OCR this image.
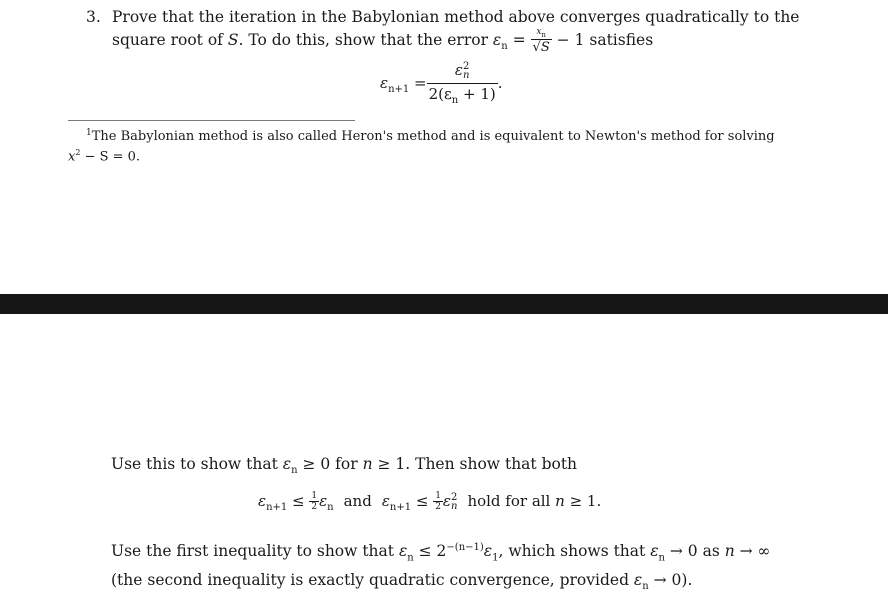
3. Prove that the iteration in the Babylonian method above converges quadratically to the
square root of S. To do this, show that the error $\varepsilon_n = \frac{x_n}{√S} - 1$ satisfies
$\varepsilon_{n+1} = \varepsilon$ 2
n
$2(\varepsilon_n + 1)$ .
$^1$The Babylonian method is also called Heron's method and is equivalent to Newton's method for solving
$x^2 - S = 0$.
Use this to show that $\varepsilon_n \ge 0$ for n ≥ 1. Then show that both
$\varepsilon_{n+1} \le \frac{1}{2} \varepsilon_n$ and $\varepsilon_{n+1} \le \frac{1}{2}$ ε 2
n hold for all n ≥ 1.
Use the first inequality to show that $\varepsilon_n \le 2^{-(n-1)}\varepsilon_1$, which shows that $\varepsilon_n \to 0$ as n → ∞
(the second inequality is exactly quadratic convergence, provided $\varepsilon_n \to 0$).
